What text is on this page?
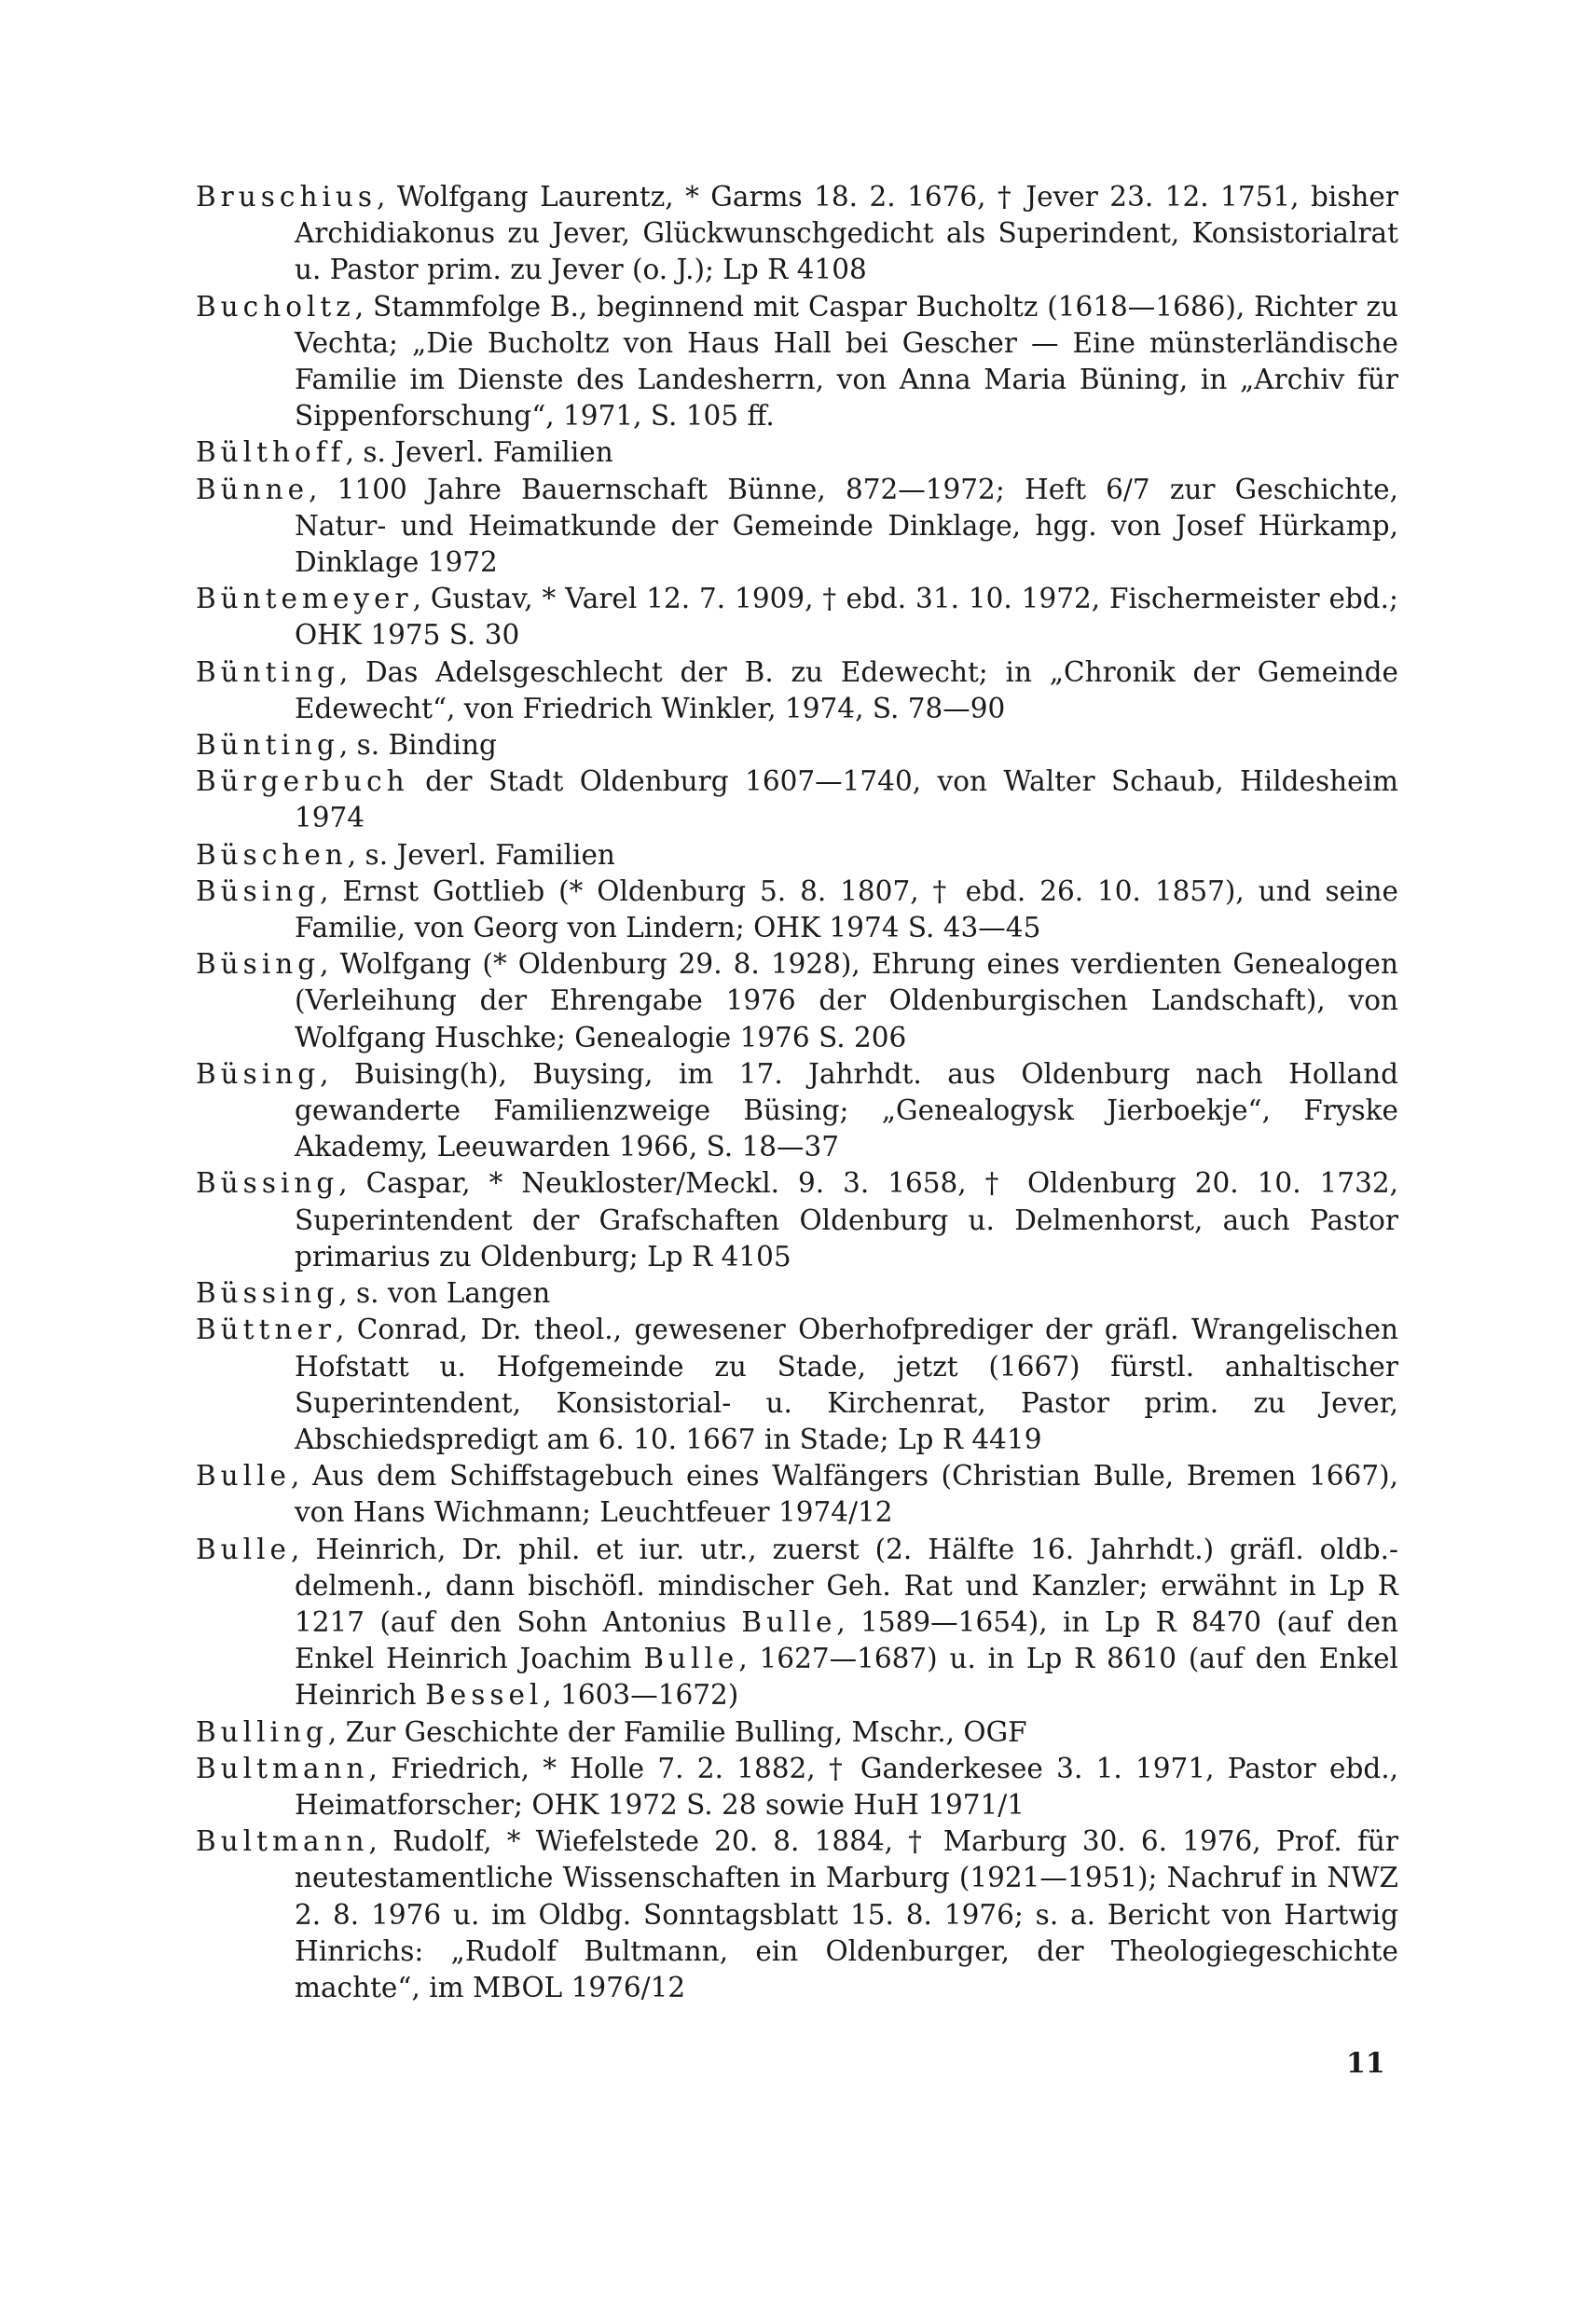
Bruschius, Wolfgang Laurentz, * Garms 18. 2. 1676, † Jever 23. 12. 1751, bisher Archidiakonus zu Jever, Glückwunschgedicht als Superindent, Konsistorialrat u. Pastor prim. zu Jever (o. J.); Lp R 4108

Bucholtz, Stammfolge B., beginnend mit Caspar Bucholtz (1618—1686), Richter zu Vechta; „Die Bucholtz von Haus Hall bei Gescher — Eine münsterländische Familie im Dienste des Landesherrn, von Anna Maria Büning, in „Archiv für Sippenforschung“, 1971, S. 105 ff.

Bülthoff, s. Jeverl. Familien

Bünne, 1100 Jahre Bauernschaft Bünne, 872—1972; Heft 6/7 zur Geschichte, Natur- und Heimatkunde der Gemeinde Dinklage, hgg. von Josef Hürkamp, Dinklage 1972

Büntemeyer, Gustav, * Varel 12. 7. 1909, † ebd. 31. 10. 1972, Fischermeister ebd.; OHK 1975 S. 30

Bünting, Das Adelsgeschlecht der B. zu Edewecht; in „Chronik der Gemeinde Edewecht“, von Friedrich Winkler, 1974, S. 78—90

Bünting, s. Binding

Bürgerbuch der Stadt Oldenburg 1607—1740, von Walter Schaub, Hildesheim 1974

Büschen, s. Jeverl. Familien

Büsing, Ernst Gottlieb (* Oldenburg 5. 8. 1807, † ebd. 26. 10. 1857), und seine Familie, von Georg von Lindern; OHK 1974 S. 43—45

Büsing, Wolfgang (* Oldenburg 29. 8. 1928), Ehrung eines verdienten Genealogen (Verleihung der Ehrengabe 1976 der Oldenburgischen Landschaft), von Wolfgang Huschke; Genealogie 1976 S. 206

Büsing, Buising(h), Buysing, im 17. Jahrhdt. aus Oldenburg nach Holland gewanderte Familienzweige Büsing; „Genealogysk Jierboekje“, Fryske Akademy, Leeuwarden 1966, S. 18—37

Büssing, Caspar, * Neukloster/Meckl. 9. 3. 1658, † Oldenburg 20. 10. 1732, Superintendent der Grafschaften Oldenburg u. Delmenhorst, auch Pastor primarius zu Oldenburg; Lp R 4105

Büssing, s. von Langen

Büttner, Conrad, Dr. theol., gewesener Oberhofprediger der gräfl. Wrangelischen Hofstatt u. Hofgemeinde zu Stade, jetzt (1667) fürstl. anhaltischer Superintendent, Konsistorial- u. Kirchenrat, Pastor prim. zu Jever, Abschiedspredigt am 6. 10. 1667 in Stade; Lp R 4419

Bulle, Aus dem Schiffstagebuch eines Walfängers (Christian Bulle, Bremen 1667), von Hans Wichmann; Leuchtfeuer 1974/12

Bulle, Heinrich, Dr. phil. et iur. utr., zuerst (2. Hälfte 16. Jahrhdt.) gräfl. oldb.-delmenh., dann bischöfl. mindischer Geh. Rat und Kanzler; erwähnt in Lp R 1217 (auf den Sohn Antonius Bulle, 1589—1654), in Lp R 8470 (auf den Enkel Heinrich Joachim Bulle, 1627—1687) u. in Lp R 8610 (auf den Enkel Heinrich Bessel, 1603—1672)

Bulling, Zur Geschichte der Familie Bulling, Mschr., OGF

Bultmann, Friedrich, * Holle 7. 2. 1882, † Ganderkesee 3. 1. 1971, Pastor ebd., Heimatforscher; OHK 1972 S. 28 sowie HuH 1971/1

Bultmann, Rudolf, * Wiefelstede 20. 8. 1884, † Marburg 30. 6. 1976, Prof. für neutestamentliche Wissenschaften in Marburg (1921—1951); Nachruf in NWZ 2. 8. 1976 u. im Oldbg. Sonntagsblatt 15. 8. 1976; s. a. Bericht von Hartwig Hinrichs: „Rudolf Bultmann, ein Oldenburger, der Theologiegeschichte machte“, im MBOL 1976/12

11
